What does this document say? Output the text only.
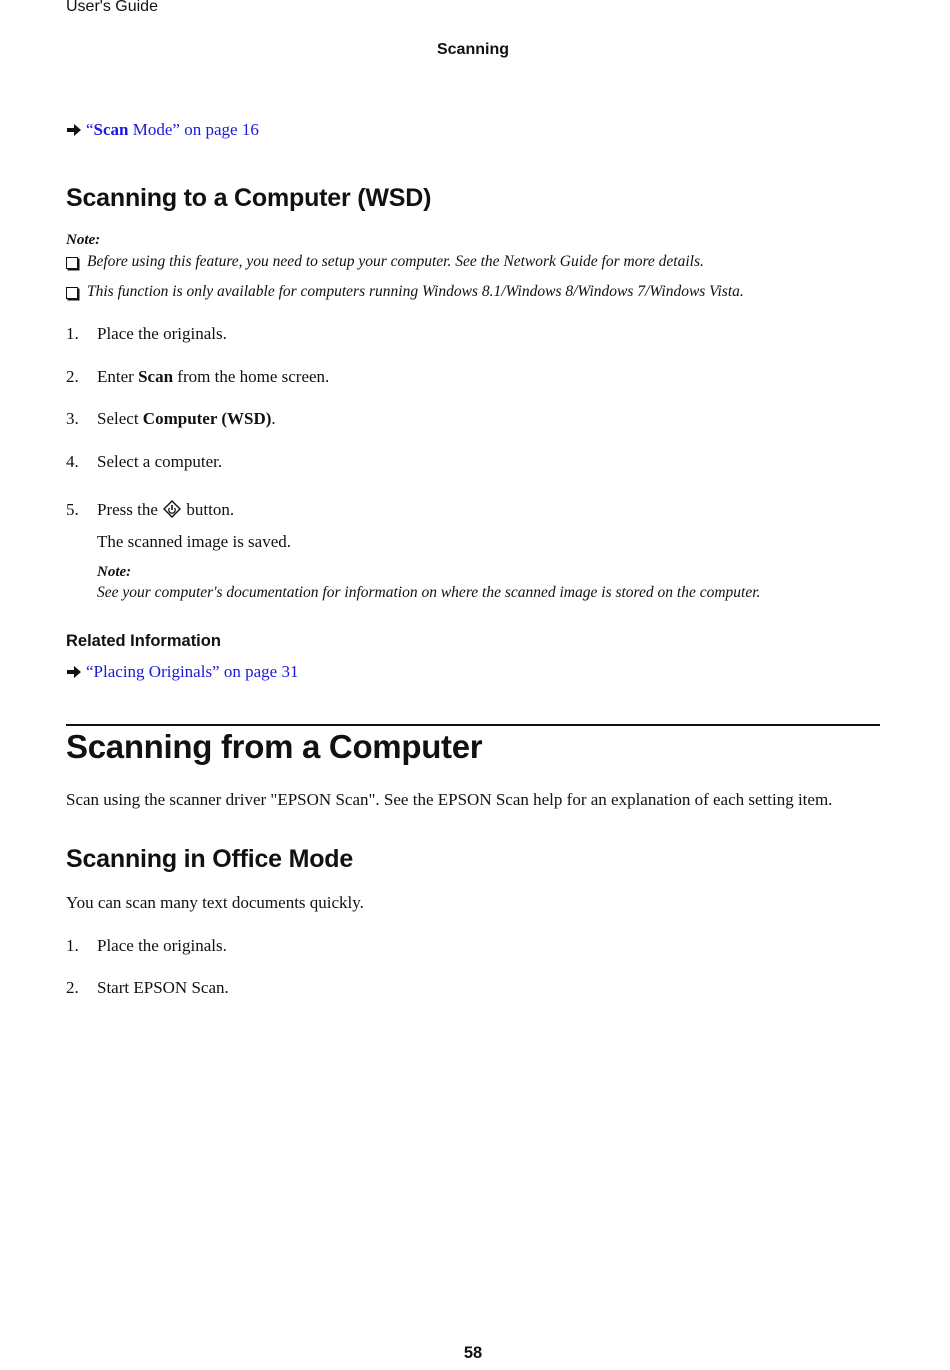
User's Guide
Scanning
“Scan Mode” on page 16
Scanning to a Computer (WSD)
Note:
Before using this feature, you need to setup your computer. See the Network Guide for more details.
This function is only available for computers running Windows 8.1/Windows 8/Windows 7/Windows Vista.
1. Place the originals.
2. Enter Scan from the home screen.
3. Select Computer (WSD).
4. Select a computer.
5. Press the  button.
The scanned image is saved.
Note:
See your computer's documentation for information on where the scanned image is stored on the computer.
Related Information
“Placing Originals” on page 31
Scanning from a Computer
Scan using the scanner driver "EPSON Scan". See the EPSON Scan help for an explanation of each setting item.
Scanning in Office Mode
You can scan many text documents quickly.
1. Place the originals.
2. Start EPSON Scan.
58
